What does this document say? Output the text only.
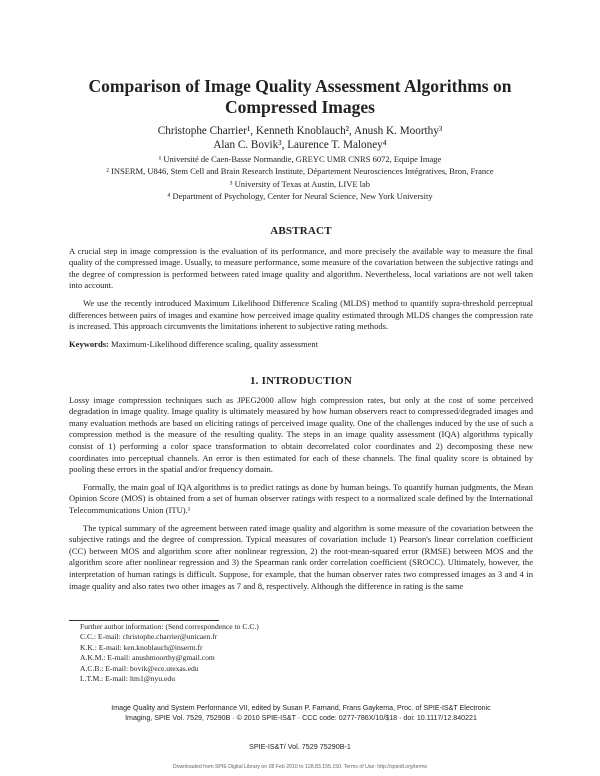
Comparison of Image Quality Assessment Algorithms on
Compressed Images
Christophe Charrier¹, Kenneth Knoblauch², Anush K. Moorthy³
Alan C. Bovik³, Laurence T. Maloney⁴
¹ Université de Caen-Basse Normandie, GREYC UMR CNRS 6072, Equipe Image
² INSERM, U846, Stem Cell and Brain Research Institute, Département Neurosciences Intégratives, Bron, France
³ University of Texas at Austin, LIVE lab
⁴ Department of Psychology, Center for Neural Science, New York University
ABSTRACT

A crucial step in image compression is the evaluation of its performance, and more precisely the available way to measure the final quality of the compressed image. Usually, to measure performance, some measure of the covariation between the subjective ratings and the degree of compression is performed between rated image quality and algorithm. Nevertheless, local variations are not well taken into account.

We use the recently introduced Maximum Likelihood Difference Scaling (MLDS) method to quantify supra-threshold perceptual differences between pairs of images and examine how perceived image quality estimated through MLDS changes the compression rate is increased. This approach circumvents the limitations inherent to subjective rating methods.

Keywords: Maximum-Likelihood difference scaling, quality assessment

1. INTRODUCTION

Lossy image compression techniques such as JPEG2000 allow high compression rates, but only at the cost of some perceived degradation in image quality. Image quality is ultimately measured by how human observers react to compressed/degraded images and many evaluation methods are based on eliciting ratings of perceived image quality. One of the challenges induced by the use of such a compression method is the measure of the resulting quality. The steps in an image quality assessment (IQA) algorithms typically consist of 1) performing a color space transformation to obtain decorrelated color coordinates and 2) decomposing these new coordinates into perceptual channels. An error is then estimated for each of these channels. The final quality score is obtained by pooling these errors in the spatial and/or frequency domain.

Formally, the main goal of IQA algorithms is to predict ratings as done by human beings. To quantify human judgments, the Mean Opinion Score (MOS) is obtained from a set of human observer ratings with respect to a normalized scale defined by the International Telecommunications Union (ITU).¹

The typical summary of the agreement between rated image quality and algorithm is some measure of the covariation between the subjective ratings and the degree of compression. Typical measures of covariation include 1) Pearson's linear correlation coefficient (CC) between MOS and algorithm score after nonlinear regression, 2) the root-mean-squared error (RMSE) between MOS and the algorithm score after nonlinear regression and 3) the Spearman rank order correlation coefficient (SROCC). Ultimately, however, the interpretation of human ratings is difficult. Suppose, for example, that the human observer rates two compressed images as 3 and 4 in image quality and also rates two other images as 7 and 8, respectively. Although the difference in rating is the same

Further author information: (Send correspondence to C.C.)
C.C.: E-mail: christophe.charrier@unicaen.fr
K.K.: E-mail: ken.knoblauch@inserm.fr
A.K.M.: E-mail: anushmoorthy@gmail.com
A.C.B.: E-mail: bovik@ece.utexas.edu
L.T.M.: E-mail: ltm1@nyu.edu
Image Quality and System Performance VII, edited by Susan P. Farnand, Frans Gaykema, Proc. of SPIE-IS&T Electronic
Imaging, SPIE Vol. 7529, 75290B · © 2010 SPIE-IS&T · CCC code: 0277-786X/10/$18 · doi: 10.1117/12.840221
SPIE-IS&T/ Vol. 7529 75290B-1
Downloaded from SPIE Digital Library on 08 Feb 2010 to 128.83.155.150. Terms of Use: http://spiedl.org/terms
